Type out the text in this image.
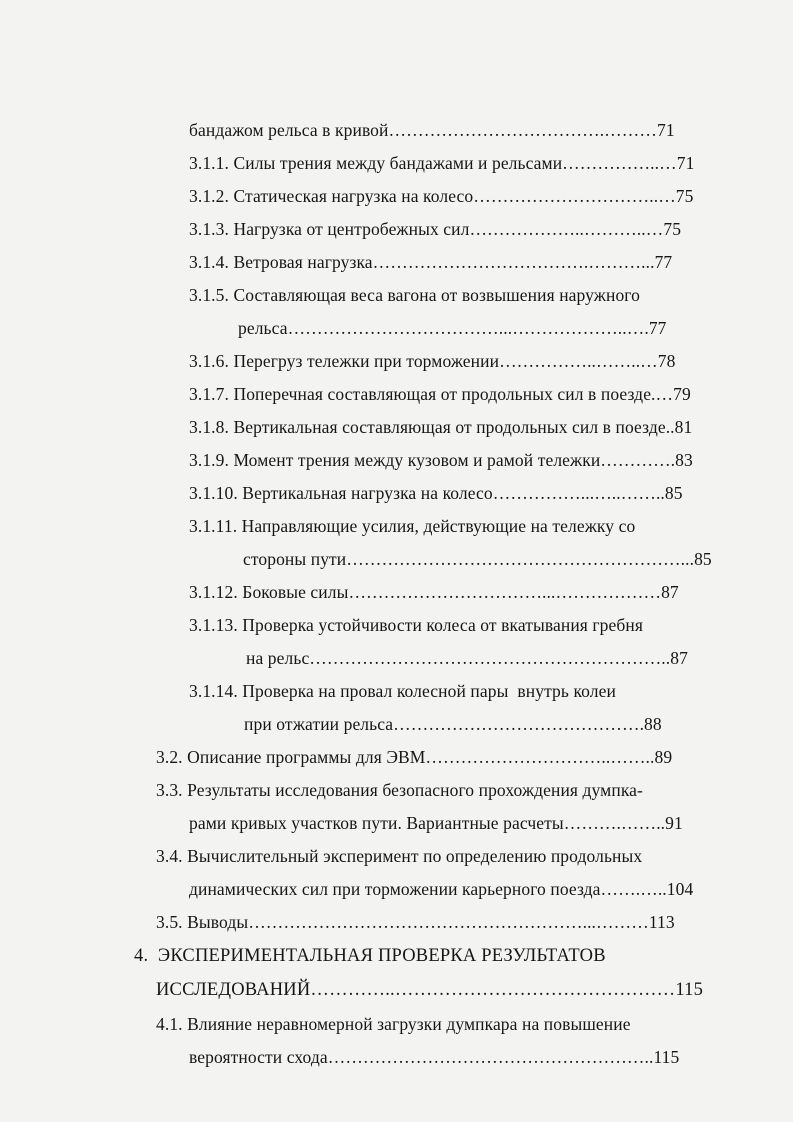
бандажом рельса в кривой……………………………….………71
3.1.1. Силы трения между бандажами и рельсами……………..…71
3.1.2. Статическая нагрузка на колесо…………………………..…75
3.1.3. Нагрузка от центробежных сил………………..………..…75
3.1.4. Ветровая нагрузка……………………………….………...77
3.1.5. Составляющая веса вагона от возвышения наружного
рельса………………………………...………………..….77
3.1.6. Перегруз тележки при торможении……………..……..…78
3.1.7. Поперечная составляющая от продольных сил в поезде.…79
3.1.8. Вертикальная составляющая от продольных сил в поезде..81
3.1.9. Момент трения между кузовом и рамой тележки………….83
3.1.10. Вертикальная нагрузка на колесо……………...…..……..85
3.1.11. Направляющие усилия, действующие на тележку со
стороны пути…………………………………………………...85
3.1.12. Боковые силы……………………………...………………87
3.1.13. Проверка устойчивости колеса от вкатывания гребня
на рельс……………………………………………………..87
3.1.14. Проверка на провал колесной пары  внутрь колеи
при отжатии рельса…………………………………….88
3.2. Описание программы для ЭВМ…………………………..……..89
3.3. Результаты исследования безопасного прохождения думпка-
рами кривых участков пути. Вариантные расчеты……….……..91
3.4. Вычислительный эксперимент по определению продольных
динамических сил при торможении карьерного поезда…….…..104
3.5. Выводы…………………………………………………...………113
4.  ЭКСПЕРИМЕНТАЛЬНАЯ ПРОВЕРКА РЕЗУЛЬТАТОВ
ИССЛЕДОВАНИЙ…………..………………………………………115
4.1. Влияние неравномерной загрузки думпкара на повышение
вероятности схода………………………………………………..115
